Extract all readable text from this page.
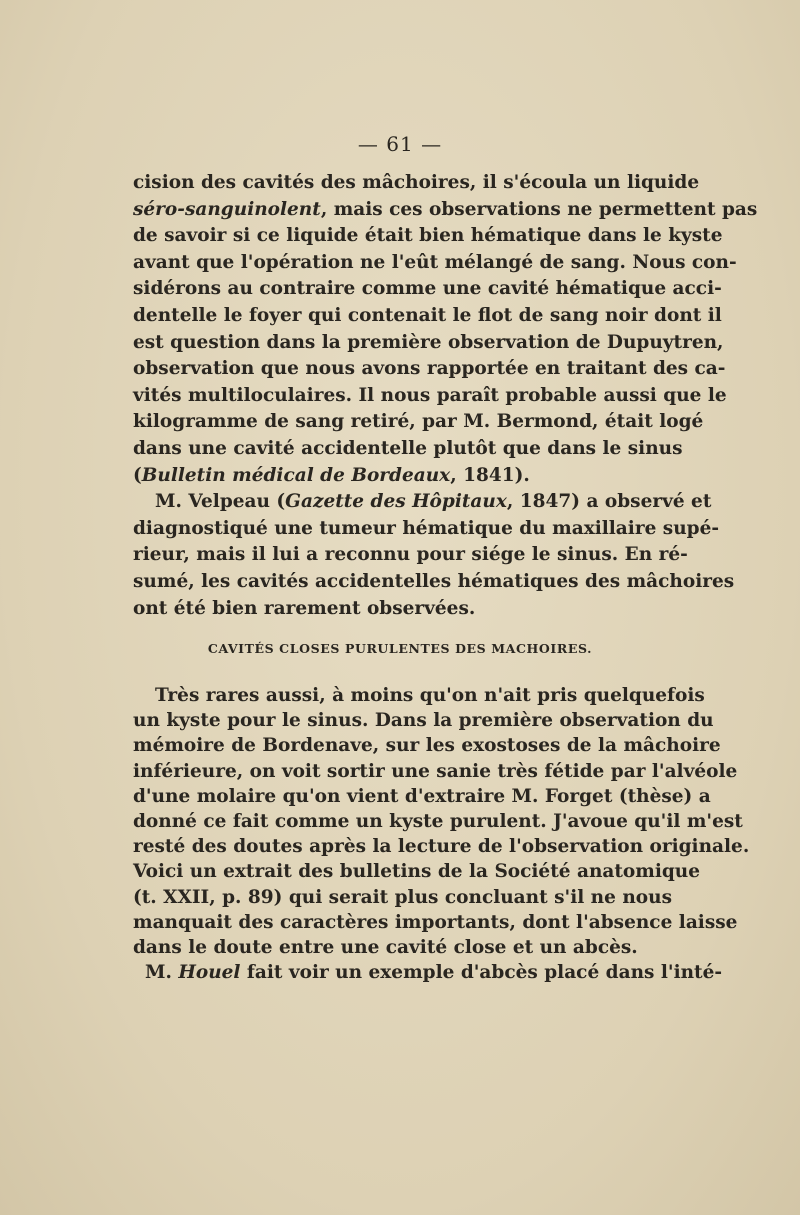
— 61 —
cision des cavités des mâchoires, il s'écoula un liquide
séro-sanguinolent, mais ces observations ne permettent pas
de savoir si ce liquide était bien hématique dans le kyste
avant que l'opération ne l'eût mélangé de sang. Nous con-
sidérons au contraire comme une cavité hématique acci-
dentelle le foyer qui contenait le flot de sang noir dont il
est question dans la première observation de Dupuytren,
observation que nous avons rapportée en traitant des ca-
vités multiloculaires. Il nous paraît probable aussi que le
kilogramme de sang retiré, par M. Bermond, était logé
dans une cavité accidentelle plutôt que dans le sinus
(Bulletin médical de Bordeaux, 1841).
M. Velpeau (Gazette des Hôpitaux, 1847) a observé et
diagnostiqué une tumeur hématique du maxillaire supé-
rieur, mais il lui a reconnu pour siége le sinus. En ré-
sumé, les cavités accidentelles hématiques des mâchoires
ont été bien rarement observées.
CAVITÉS CLOSES PURULENTES DES MACHOIRES.
Très rares aussi, à moins qu'on n'ait pris quelquefois
un kyste pour le sinus. Dans la première observation du
mémoire de Bordenave, sur les exostoses de la mâchoire
inférieure, on voit sortir une sanie très fétide par l'alvéole
d'une molaire qu'on vient d'extraire M. Forget (thèse) a
donné ce fait comme un kyste purulent. J'avoue qu'il m'est
resté des doutes après la lecture de l'observation originale.
Voici un extrait des bulletins de la Société anatomique
(t. XXII, p. 89) qui serait plus concluant s'il ne nous
manquait des caractères importants, dont l'absence laisse
dans le doute entre une cavité close et un abcès.
M. Houel fait voir un exemple d'abcès placé dans l'inté-
